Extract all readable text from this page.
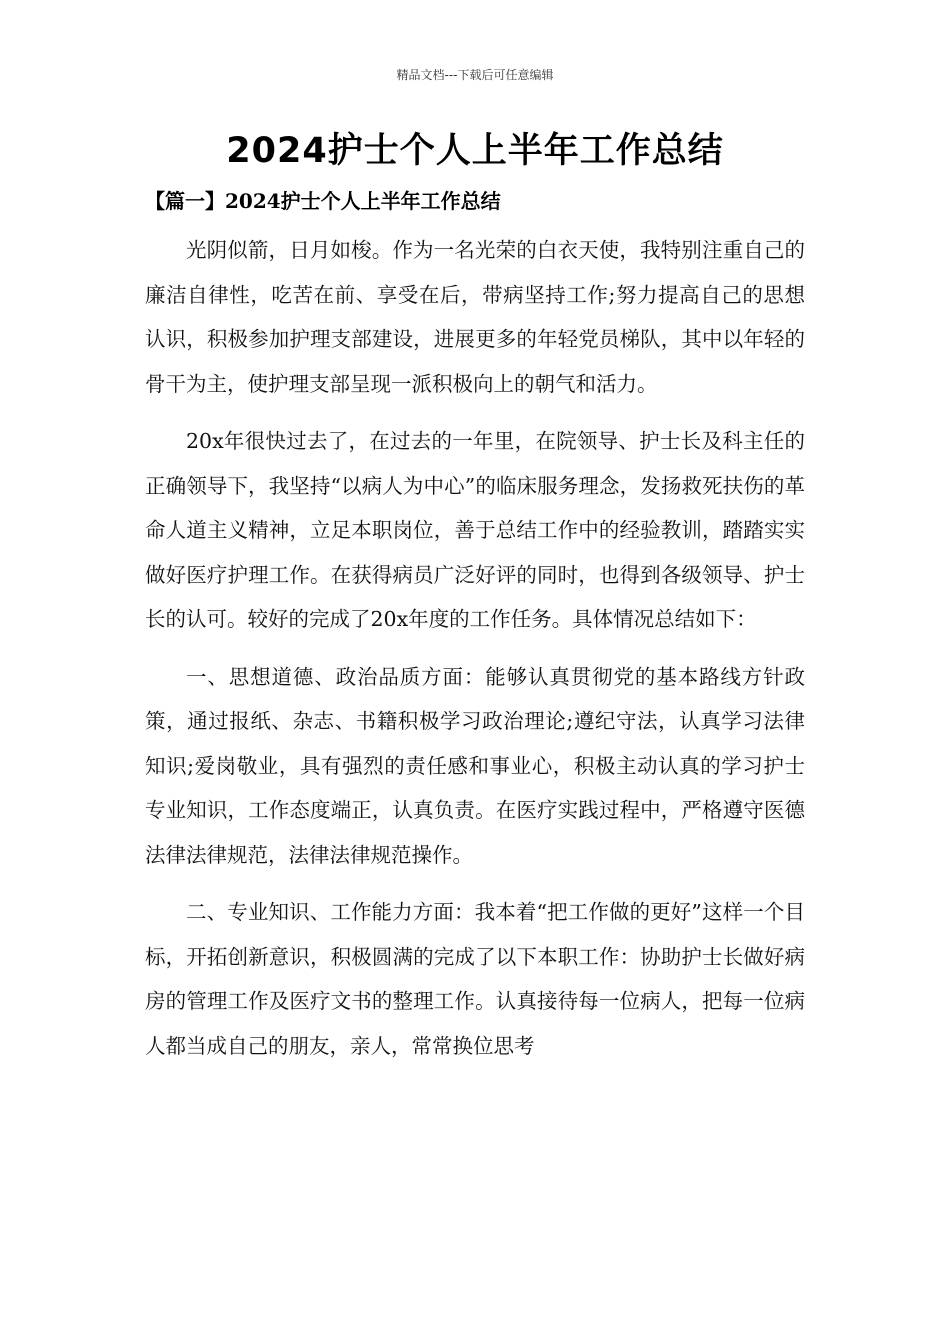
精品文档---下载后可任意编辑
2024护士个人上半年工作总结
【篇一】2024护士个人上半年工作总结

光阴似箭，日月如梭。作为一名光荣的白衣天使，我特别注重自己的廉洁自律性，吃苦在前、享受在后，带病坚持工作;努力提高自己的思想认识，积极参加护理支部建设，进展更多的年轻党员梯队，其中以年轻的骨干为主，使护理支部呈现一派积极向上的朝气和活力。

20x年很快过去了，在过去的一年里，在院领导、护士长及科主任的正确领导下，我坚持“以病人为中心”的临床服务理念，发扬救死扶伤的革命人道主义精神，立足本职岗位，善于总结工作中的经验教训，踏踏实实做好医疗护理工作。在获得病员广泛好评的同时，也得到各级领导、护士长的认可。较好的完成了20x年度的工作任务。具体情况总结如下：

一、思想道德、政治品质方面：能够认真贯彻党的基本路线方针政策，通过报纸、杂志、书籍积极学习政治理论;遵纪守法，认真学习法律知识;爱岗敬业，具有强烈的责任感和事业心，积极主动认真的学习护士专业知识，工作态度端正，认真负责。在医疗实践过程中，严格遵守医德法律法律规范，法律法律规范操作。

二、专业知识、工作能力方面：我本着“把工作做的更好”这样一个目标，开拓创新意识，积极圆满的完成了以下本职工作：协助护士长做好病房的管理工作及医疗文书的整理工作。认真接待每一位病人，把每一位病人都当成自己的朋友，亲人，常常换位思考
